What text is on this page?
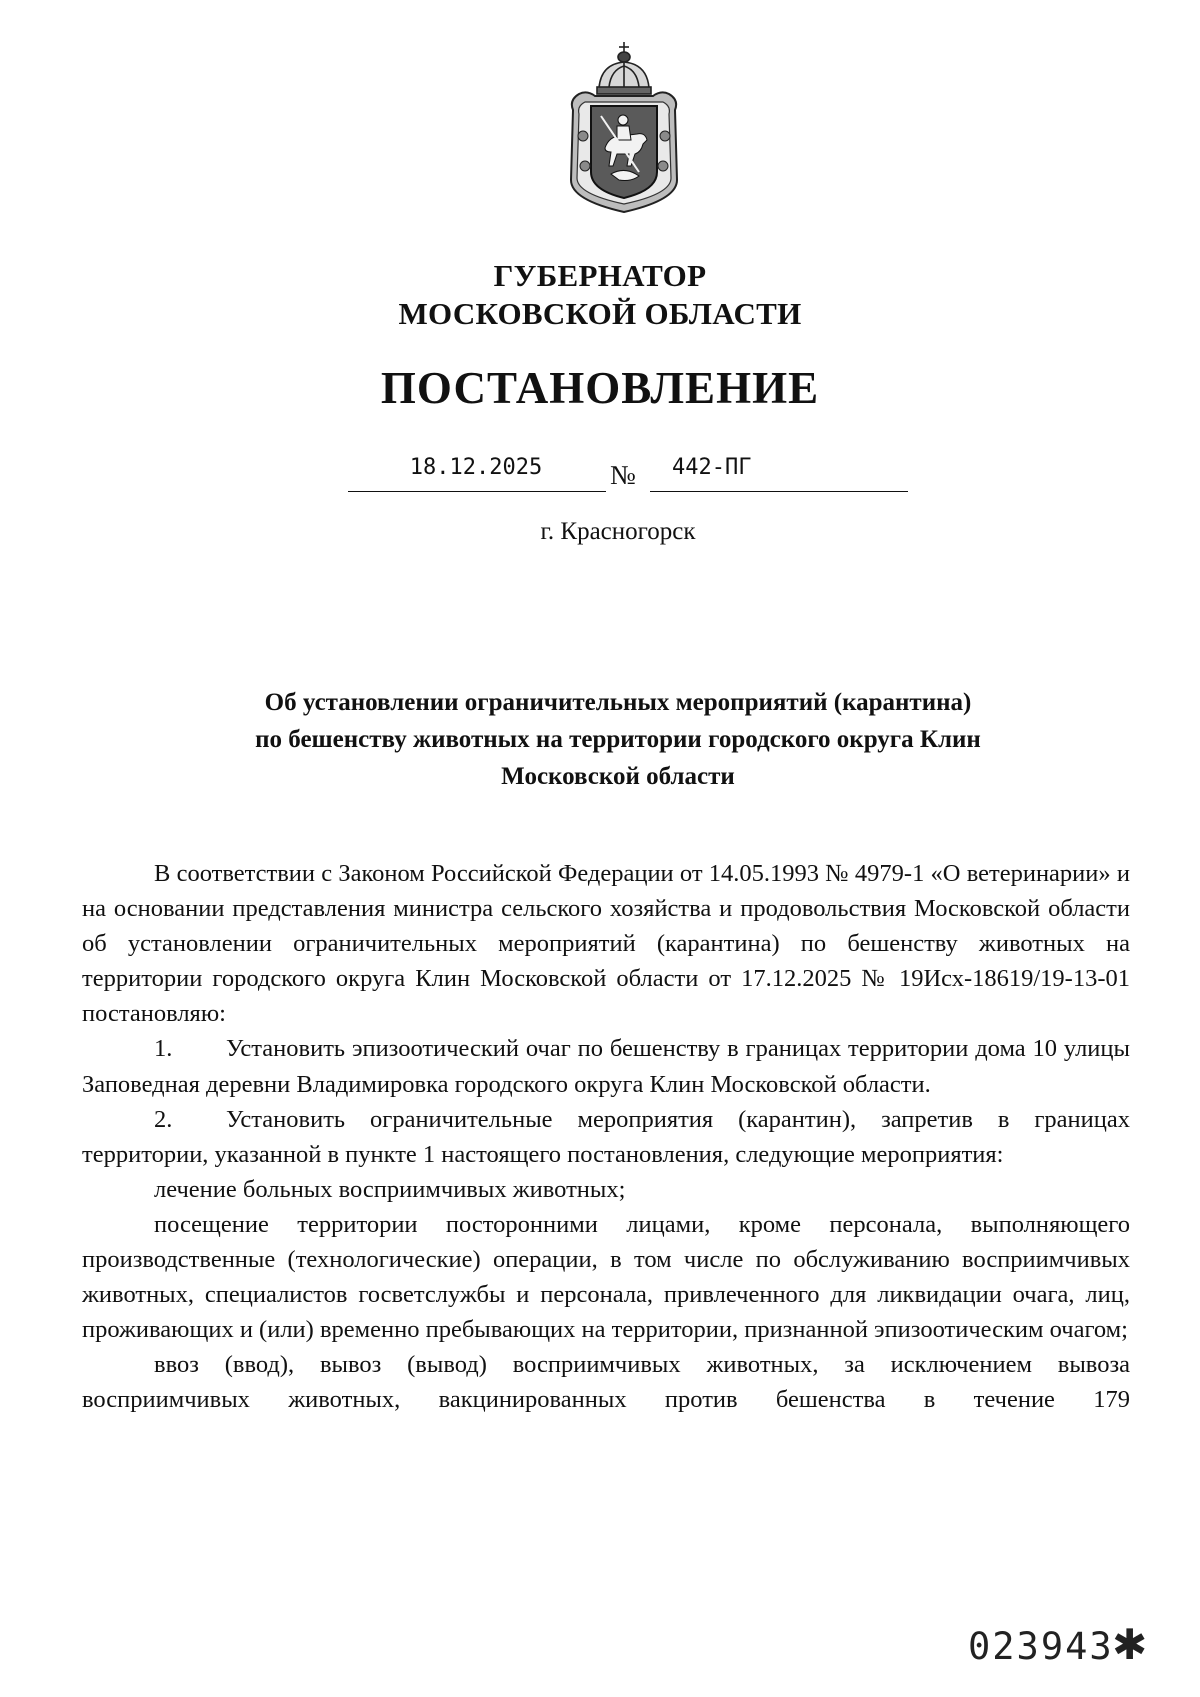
ГУБЕРНАТОР
МОСКОВСКОЙ ОБЛАСТИ
ПОСТАНОВЛЕНИЕ
18.12.2025	№	442-ПГ
г. Красногорск
Об установлении ограничительных мероприятий (карантина)
по бешенству животных на территории городского округа Клин
Московской области

В соответствии с Законом Российской Федерации от 14.05.1993 № 4979-1 «О ветеринарии» и на основании представления министра сельского хозяйства и продовольствия Московской области об установлении ограничительных мероприятий (карантина) по бешенству животных на территории городского округа Клин Московской области от 17.12.2025 № 19Исх-18619/19-13-01 постановляю:

1. Установить эпизоотический очаг по бешенству в границах территории дома 10 улицы Заповедная деревни Владимировка городского округа Клин Московской области.

2. Установить ограничительные мероприятия (карантин), запретив в границах территории, указанной в пункте 1 настоящего постановления, следующие мероприятия:

лечение больных восприимчивых животных;

посещение территории посторонними лицами, кроме персонала, выполняющего производственные (технологические) операции, в том числе по обслуживанию восприимчивых животных, специалистов госветслужбы и персонала, привлеченного для ликвидации очага, лиц, проживающих и (или) временно пребывающих на территории, признанной эпизоотическим очагом;

ввоз (ввод), вывоз (вывод) восприимчивых животных, за исключением вывоза восприимчивых животных, вакцинированных против бешенства в течение 179

023943
✱
